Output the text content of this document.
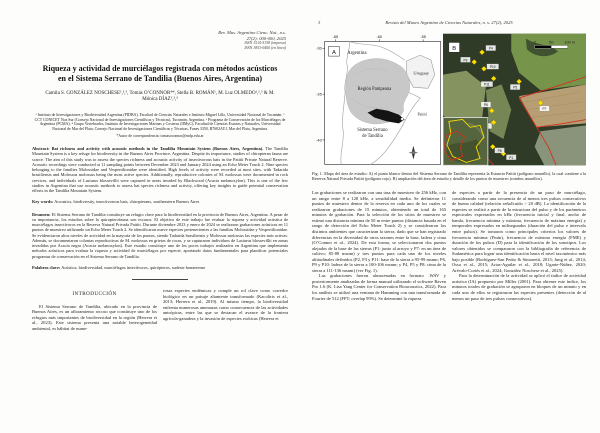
Rev. Mus. Argentino Cienc. Nat., n.s.
27(2): 000-000, 2025
ISSN 1514-5158 (impresa)
ISSN 1853-0400 (en línea)
Riqueza y actividad de murciélagos registrada con métodos acústicos en el Sistema Serrano de Tandilia (Buenos Aires, Argentina)
Camila S. GONZÁLEZ NOSCHESE¹,²,³, Tomás O’CONNOR⁴*, Stella B. ROMÁN¹, M. Luz OLMEDO¹,²,³ & M. Mónica DÍAZ¹,²,³
¹ Instituto de Investigaciones y Biodiversidad Argentina (PIDBA), Facultad de Ciencias Naturales e Instituto Miguel Lillo, Universidad Nacional de Tucumán. ² CCT CONICET Noa Sur (Consejo Nacional de Investigaciones Científicas y Técnicas), Tucumán, Argentina. ³ Programa de Conservación de los Murciélagos de Argentina (PCMA). ⁴ Grupo Vertebrados, Instituto de Investigaciones Marinas y Costeras (IIMyC), Facultad de Ciencias Exactas y Naturales, Universidad Nacional de Mar del Plata, Consejo Nacional de Investigaciones Científicas y Técnicas, Funes 3350, B7602AYJ, Mar del Plata, Argentina.
*Autor de correspondencia: tomasoconnor@mdp.edu.ar
Abstract: Bat richness and activity with acoustic methods in the Tandilia Mountain System (Buenos Aires, Argentina). The Tandilia Mountain System is a key refuge for biodiversity in the Buenos Aires Province, Argentina. Despite its importance, studies of chiropteran fauna are scarce. The aim of this study was to assess the species richness and acoustic activity of insectivorous bats in the Paititi Private Natural Reserve. Acoustic recordings were conducted at 11 sampling points between December 2023 and January 2024 using an Echo Meter Touch 2. Nine species belonging to the families Molossidae and Vespertilionidae were identified. High levels of activity were recorded at most sites, with Tadarida brasiliensis and Molossus molossus being the most active species. Additionally, reproductive colonies of M. molossus were documented in rock crevices, and individuals of Lasiurus blossevillii were captured in areas invaded by Blackwood (Acacia melanoxylon). This is one of the few studies in Argentina that use acoustic methods to assess bat species richness and activity, offering key insights to guide potential conservation efforts in the Tandilia Mountain System.
Key words: Acoustics, biodiversity, insectivorous bats, chiropterans, southeastern Buenos Aires
Resumen: El Sistema Serrano de Tandilia constituye un refugio clave para la biodiversidad en la provincia de Buenos Aires, Argentina. A pesar de su importancia, los estudios sobre la quiropterofauna son escasos. El objetivo de este trabajo fue evaluar la riqueza y actividad acústica de murciélagos insectívoros en la Reserva Natural Privada Paititi. Durante diciembre 2023 y enero de 2024 se realizaron grabaciones acústicas en 11 puntos de muestreo utilizando un Echo Meter Touch 2. Se identificaron nueve especies pertenecientes a las familias Molossidae y Vespertilionidae. Se evidenciaron altos niveles de actividad en la mayoría de los puntos, siendo Tadarida brasiliensis y Molossus molossus las especies más activas. Además, se documentaron colonias reproductivas de M. molossus en grietas de rocas, y se capturaron individuos de Lasiurus blossevillii en zonas invadidas por Acacia negra (Acacia melanoxylon). Este estudio constituye uno de los pocos trabajos realizados en Argentina que implementa métodos acústicos para evaluar la riqueza y actividad de murciélagos por especie, aportando datos fundamentales para planificar potenciales programas de conservación en el Sistema Serrano de Tandilia.
Palabras clave: Acústica, biodiversidad, murciélagos insectívoros, quirópteros, sudeste bonaerense
INTRODUCCIÓN

El Sistema Serrano de Tandilia, ubicado en la provincia de Buenos Aires, es un afloramiento rocoso que constituye uno de los refugios más importantes de biodiversidad en la región (Herrera et al., 2023). Este sistema presenta una notable heterogeneidad ambiental, es hábitat de nume-

rosas especies endémicas y cumple un rol clave como corredor biológico en un paisaje altamente transformado (Kacoliris et al., 2013; Herrera et al., 2019). Al mismo tiempo, la biodiversidad enfrenta numerosas amenazas como consecuencia de las actividades antrópicas, entre las que se destacan el avance de la frontera agrícola-ganadera y la invasión de especies exóticas (Herrera et

3	Revista del Museo Argentino de Ciencias Naturales, n. s. 27(2), 2025
-65	-60	-55
-30
-35
-40
Uruguay
Región Pampeana
Paititi
Sistema Serrano
de Tandilia
A Argentina
P4
P9
P10
P11
P5
P7
P6
P8
P1
0	50	100 m
B
Fig. 1. Mapa del área de estudio: A) el punto blanco dentro del Sistema Serrano de Tandilia representa la Estancia Paititi (polígono amarillo), la cual contiene a la Reserva Natural Privada Paititi (polígono rojo). B) ampliación del área de estudio y detalle de los puntos de muestreo (rombos amarillos).

Las grabaciones se realizaron con una tasa de muestreo de 256 kHz, con un rango entre 8 a 128 kHz, a sensibilidad media. Se definieron 11 puntos de muestreo dentro de la reserva en cada uno de los cuales se realizaron grabaciones de 15 minutos, obteniendo un total de 165 minutos de grabación. Para la selección de los sitios de muestreo se estimó una distancia mínima de 50 m entre puntos (distancia basada en el rango de detección del Echo Meter Touch 2) y se consideraron los distintos ambientes que caracterizan la sierra, dado que se han registrado diferencias en la diversidad de otros taxones entre la base, ladera y cima (O’Connor et al., 2024). De esta forma, se seleccionaron dos puntos alejados de la base de las sierras (P1: junto al arroyo y P7: en un área de cultivo; 85-88 msnm) y tres puntos para cada uno de los niveles altitudinales definidos (P2, P3 y P11: base de la sierra a 95-99 msnm; P6, P9 y P10: ladera de la sierra a 100-106 msnm; y P4, P5 y P8: cima de la sierra a 111-136 msnm) (ver Fig. 1).

Las grabaciones fueron almacenadas en formato .WAV y posteriormente analizadas de forma manual utilizando el software Raven Pro 1.6 (K. Lisa Yang Center for Conservation Bioacoustics, 2022). Para los análisis se utilizó una ventana de Hamming con una transformada de Fourier de 512 (FFT; overlap 99%). Se determinó la riqueza

de especies a partir de la presencia de un paso de murciélago, considerando como una secuencia de al menos tres pulsos consecutivos de buena calidad (relación señal/ruido > 20 dB). La identificación de la especies se realizó a partir de la estructura del pulso y de los parámetros espectrales expresados en kHz (frecuencia inicial y final, ancho de banda, frecuencia mínima y máxima, frecuencia de máxima energía) y temporales expresados en milisegundos (duración del pulso e intervalo entre pulsos). Se tomaron como principales criterios los valores de frecuencia mínima (Fmin), frecuencia de máxima energía (FME) y duración de los pulsos (D) para la identificación de los sonotipos. Los valores obtenidos se compararon con la bibliografía de referencia de Sudamérica para lograr una identificación hasta el nivel taxonómico más bajo posible (Rodríguez-San Pedro & Simonetti, 2013; Jung et al., 2014; Ossa et al., 2015; Arias-Aguilar et al., 2018; Ugarte-Núñez, 2020; Arévalo-Cortés et al., 2024; González Noschese et al., 2025).

Para la determinación de la actividad se aplicó el índice de actividad acústica (IA) propuesto por Miller (2001). Para obtener este índice, los minutos totales de grabación se agruparon en bloques de un minuto y en cada uno de ellos se registraron las especies presentes (detección de al menos un paso de tres pulsos consecutivos).
